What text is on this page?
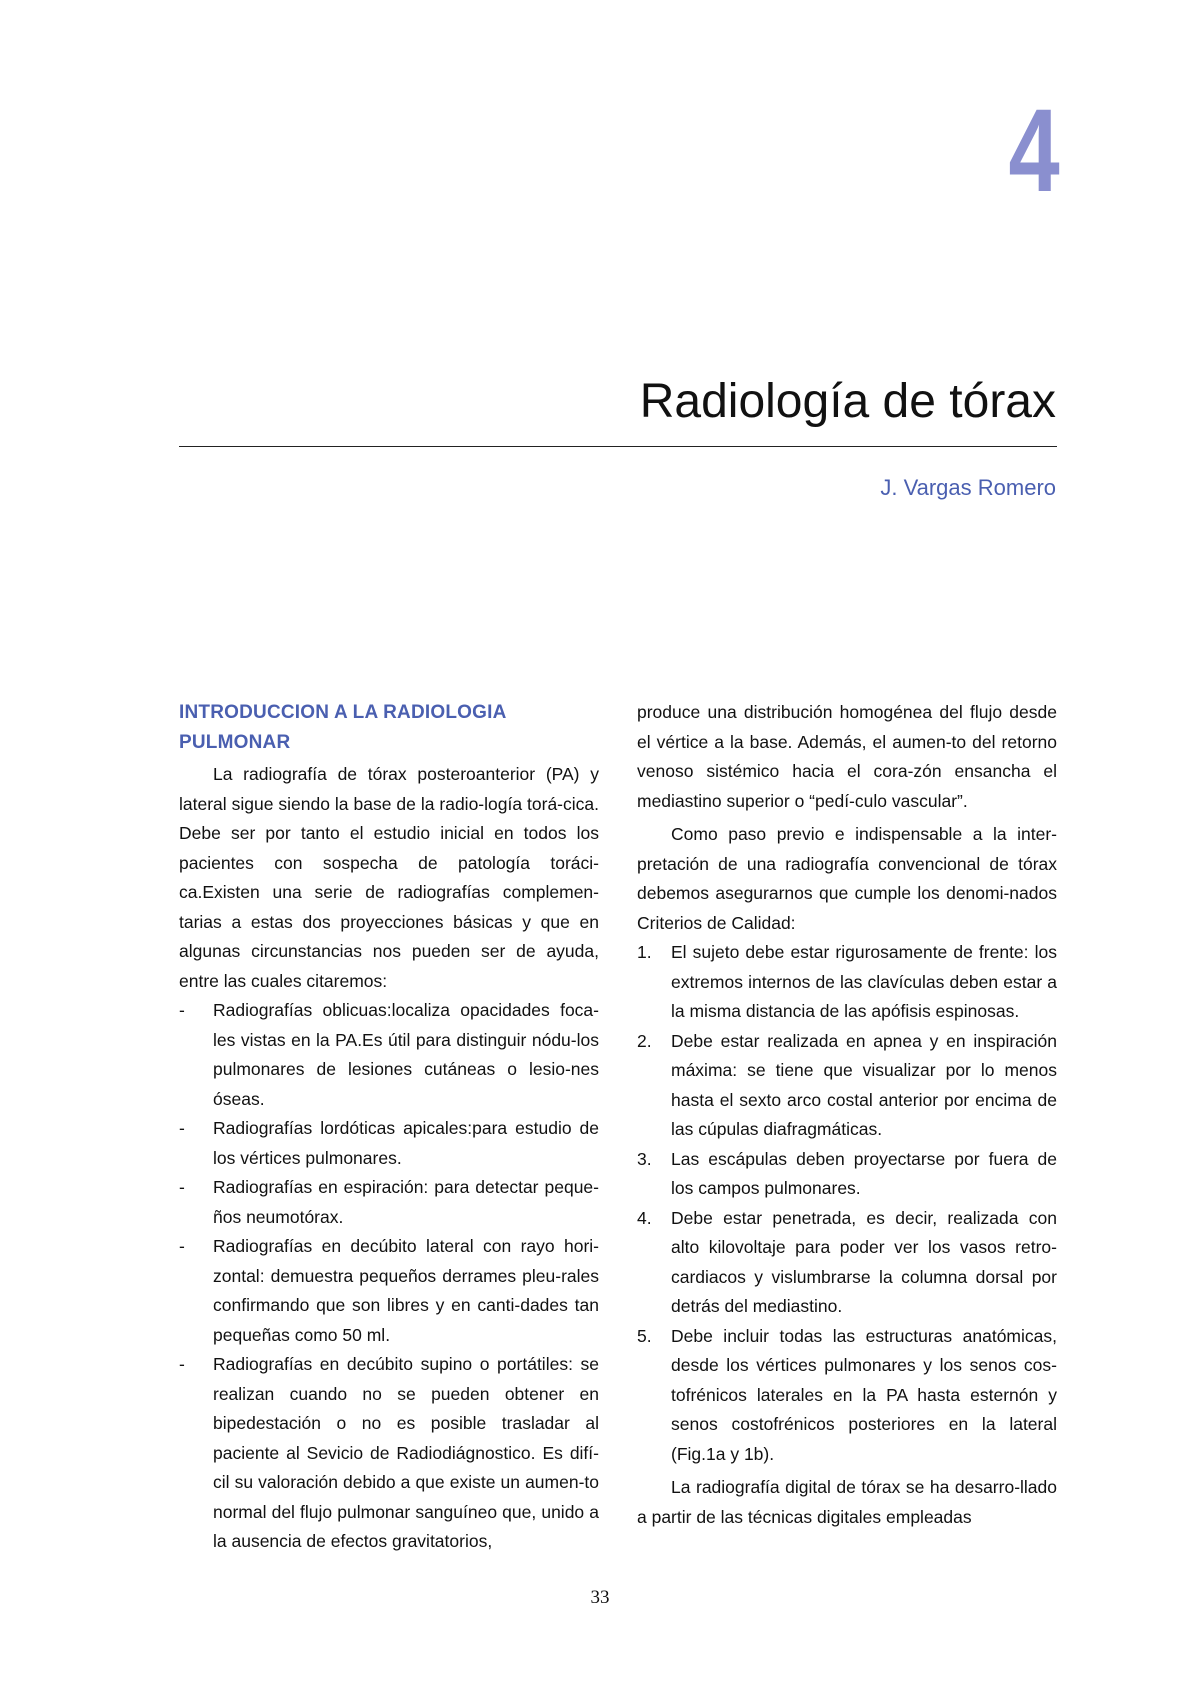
4
Radiología de tórax
J. Vargas Romero
INTRODUCCION A LA RADIOLOGIA PULMONAR

La radiografía de tórax posteroanterior (PA) y lateral sigue siendo la base de la radio-logía torá-cica. Debe ser por tanto el estudio inicial en todos los pacientes con sospecha de patología toráci-ca.Existen una serie de radiografías complemen-tarias a estas dos proyecciones básicas y que en algunas circunstancias nos pueden ser de ayuda, entre las cuales citaremos:

- Radiografías oblicuas:localiza opacidades foca-les vistas en la PA.Es útil para distinguir nódu-los pulmonares de lesiones cutáneas o lesio-nes óseas.
- Radiografías lordóticas apicales:para estudio de los vértices pulmonares.
- Radiografías en espiración: para detectar peque-ños neumotórax.
- Radiografías en decúbito lateral con rayo hori-zontal: demuestra pequeños derrames pleu-rales confirmando que son libres y en canti-dades tan pequeñas como 50 ml.
- Radiografías en decúbito supino o portátiles: se realizan cuando no se pueden obtener en bipedestación o no es posible trasladar al paciente al Sevicio de Radiodiágnostico. Es difí-cil su valoración debido a que existe un aumen-to normal del flujo pulmonar sanguíneo que, unido a la ausencia de efectos gravitatorios,

produce una distribución homogénea del flujo desde el vértice a la base. Además, el aumen-to del retorno venoso sistémico hacia el cora-zón ensancha el mediastino superior o “pedí-culo vascular”.

Como paso previo e indispensable a la inter-pretación de una radiografía convencional de tórax debemos asegurarnos que cumple los denomi-nados Criterios de Calidad:

1. El sujeto debe estar rigurosamente de frente: los extremos internos de las clavículas deben estar a la misma distancia de las apófisis espinosas.
2. Debe estar realizada en apnea y en inspiración máxima: se tiene que visualizar por lo menos hasta el sexto arco costal anterior por encima de las cúpulas diafragmáticas.
3. Las escápulas deben proyectarse por fuera de los campos pulmonares.
4. Debe estar penetrada, es decir, realizada con alto kilovoltaje para poder ver los vasos retro-cardiacos y vislumbrarse la columna dorsal por detrás del mediastino.
5. Debe incluir todas las estructuras anatómicas, desde los vértices pulmonares y los senos cos-tofrénicos laterales en la PA hasta esternón y senos costofrénicos posteriores en la lateral (Fig.1a y 1b).

La radiografía digital de tórax se ha desarro-llado a partir de las técnicas digitales empleadas

33
